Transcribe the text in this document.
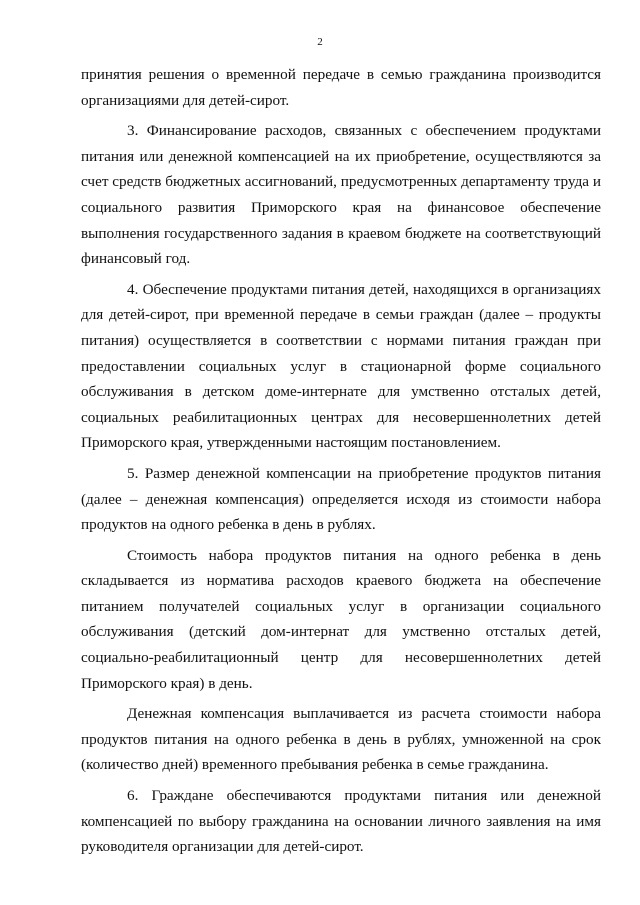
2

принятия решения о временной передаче в семью гражданина производится организациями для детей-сирот.

3. Финансирование расходов, связанных с обеспечением продуктами питания или денежной компенсацией на их приобретение, осуществляются за счет средств бюджетных ассигнований, предусмотренных департаменту труда и социального развития Приморского края на финансовое обеспечение выполнения государственного задания в краевом бюджете на соответствующий финансовый год.

4. Обеспечение продуктами питания детей, находящихся в организациях для детей-сирот, при временной передаче в семьи граждан (далее – продукты питания) осуществляется в соответствии с нормами питания граждан при предоставлении социальных услуг в стационарной форме социального обслуживания в детском доме-интернате для умственно отсталых детей, социальных реабилитационных центрах для несовершеннолетних детей Приморского края, утвержденными настоящим постановлением.

5. Размер денежной компенсации на приобретение продуктов питания (далее – денежная компенсация) определяется исходя из стоимости набора продуктов на одного ребенка в день в рублях.

Стоимость набора продуктов питания на одного ребенка в день складывается из норматива расходов краевого бюджета на обеспечение питанием получателей социальных услуг в организации социального обслуживания (детский дом-интернат для умственно отсталых детей, социально-реабилитационный центр для несовершеннолетних детей Приморского края) в день.

Денежная компенсация выплачивается из расчета стоимости набора продуктов питания на одного ребенка в день в рублях, умноженной на срок (количество дней) временного пребывания ребенка в семье гражданина.

6. Граждане обеспечиваются продуктами питания или денежной компенсацией по выбору гражданина на основании личного заявления на имя руководителя организации для детей-сирот.
